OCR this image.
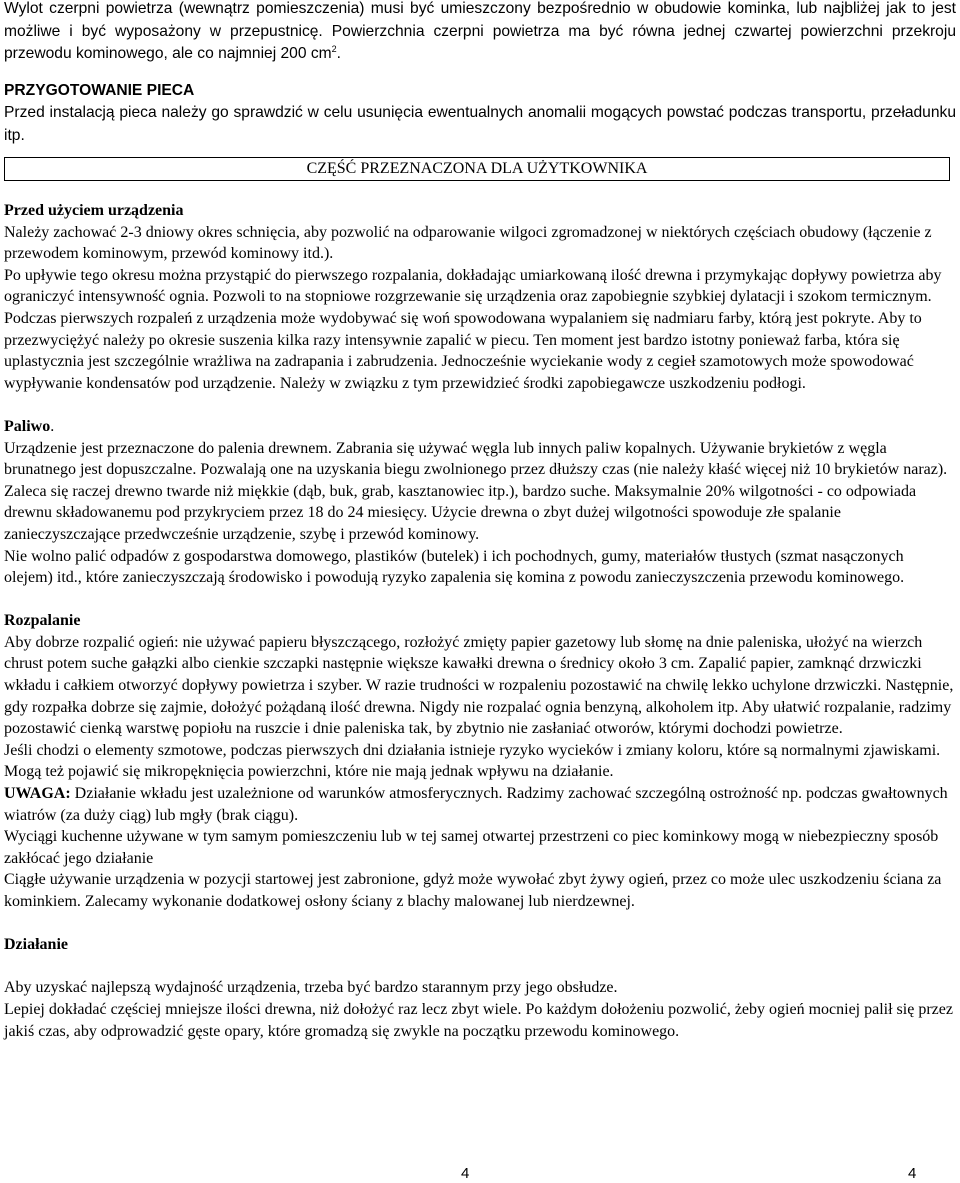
Wylot czerpni powietrza (wewnątrz pomieszczenia) musi być umieszczony bezpośrednio w obudowie kominka, lub najbliżej jak to jest możliwe i być wyposażony w przepustnicę. Powierzchnia czerpni powietrza ma być równa jednej czwartej powierzchni przekroju przewodu kominowego, ale co najmniej 200 $cm^2$.

PRZYGOTOWANIE PIECA

Przed instalacją pieca należy go sprawdzić w celu usunięcia ewentualnych anomalii mogących powstać podczas transportu, przeładunku itp.

CZĘŚĆ PRZEZNACZONA DLA UŻYTKOWNIKA

Przed użyciem urządzenia

Należy zachować 2-3 dniowy okres schnięcia, aby pozwolić na odparowanie wilgoci zgromadzonej w niektórych częściach obudowy (łączenie z przewodem kominowym, przewód kominowy itd.).

Po upływie tego okresu można przystąpić do pierwszego rozpalania, dokładając umiarkowaną ilość drewna i przymykając dopływy powietrza aby ograniczyć intensywność ognia. Pozwoli to na stopniowe rozgrzewanie się urządzenia oraz zapobiegnie szybkiej dylatacji i szokom termicznym.

Podczas pierwszych rozpaleń z urządzenia może wydobywać się woń spowodowana wypalaniem się nadmiaru farby, którą jest pokryte. Aby to przezwyciężyć należy po okresie suszenia kilka razy intensywnie zapalić w piecu. Ten moment jest bardzo istotny ponieważ farba, która się uplastycznia jest szczególnie wrażliwa na zadrapania i zabrudzenia. Jednocześnie wyciekanie wody z cegieł szamotowych może spowodować wypływanie kondensatów pod urządzenie. Należy w związku z tym przewidzieć środki zapobiegawcze uszkodzeniu podłogi.

Paliwo.

Urządzenie jest przeznaczone do palenia drewnem. Zabrania się używać węgla lub innych paliw kopalnych. Używanie brykietów z węgla brunatnego jest dopuszczalne. Pozwalają one na uzyskania biegu zwolnionego przez dłuższy czas (nie należy kłaść więcej niż 10 brykietów naraz). Zaleca się raczej drewno twarde niż miękkie (dąb, buk, grab, kasztanowiec itp.), bardzo suche. Maksymalnie 20% wilgotności - co odpowiada drewnu składowanemu pod przykryciem przez 18 do 24 miesięcy. Użycie drewna o zbyt dużej wilgotności spowoduje złe spalanie zanieczyszczające przedwcześnie urządzenie, szybę i przewód kominowy.

Nie wolno palić odpadów z gospodarstwa domowego, plastików (butelek) i ich pochodnych, gumy, materiałów tłustych (szmat nasączonych olejem) itd., które zanieczyszczają środowisko i powodują ryzyko zapalenia się komina z powodu zanieczyszczenia przewodu kominowego.

Rozpalanie

Aby dobrze rozpalić ogień: nie używać papieru błyszczącego, rozłożyć zmięty papier gazetowy lub słomę na dnie paleniska, ułożyć na wierzch chrust potem suche gałązki albo cienkie szczapki następnie większe kawałki drewna o średnicy około 3 cm. Zapalić papier, zamknąć drzwiczki wkładu i całkiem otworzyć dopływy powietrza i szyber. W razie trudności w rozpaleniu pozostawić na chwilę lekko uchylone drzwiczki. Następnie, gdy rozpałka dobrze się zajmie, dołożyć pożądaną ilość drewna. Nigdy nie rozpalać ognia benzyną, alkoholem itp. Aby ułatwić rozpalanie, radzimy pozostawić cienką warstwę popiołu na ruszcie i dnie paleniska tak, by zbytnio nie zasłaniać otworów, którymi dochodzi powietrze.

Jeśli chodzi o elementy szmotowe, podczas pierwszych dni działania istnieje ryzyko wycieków i zmiany koloru, które są normalnymi zjawiskami. Mogą też pojawić się mikropęknięcia powierzchni, które nie mają jednak wpływu na działanie.

UWAGA: Działanie wkładu jest uzależnione od warunków atmosferycznych. Radzimy zachować szczególną ostrożność np. podczas gwałtownych wiatrów (za duży ciąg) lub mgły (brak ciągu).

Wyciągi kuchenne używane w tym samym pomieszczeniu lub w tej samej otwartej przestrzeni co piec kominkowy mogą w niebezpieczny sposób zakłócać jego działanie

Ciągłe używanie urządzenia w pozycji startowej jest zabronione, gdyż może wywołać zbyt żywy ogień, przez co może ulec uszkodzeniu ściana za kominkiem. Zalecamy wykonanie dodatkowej osłony ściany z blachy malowanej lub nierdzewnej.

Działanie

Aby uzyskać najlepszą wydajność urządzenia, trzeba być bardzo starannym przy jego obsłudze.

Lepiej dokładać częściej mniejsze ilości drewna, niż dołożyć raz lecz zbyt wiele. Po każdym dołożeniu pozwolić, żeby ogień mocniej palił się przez jakiś czas, aby odprowadzić gęste opary, które gromadzą się zwykle na początku przewodu kominowego.

4	4
